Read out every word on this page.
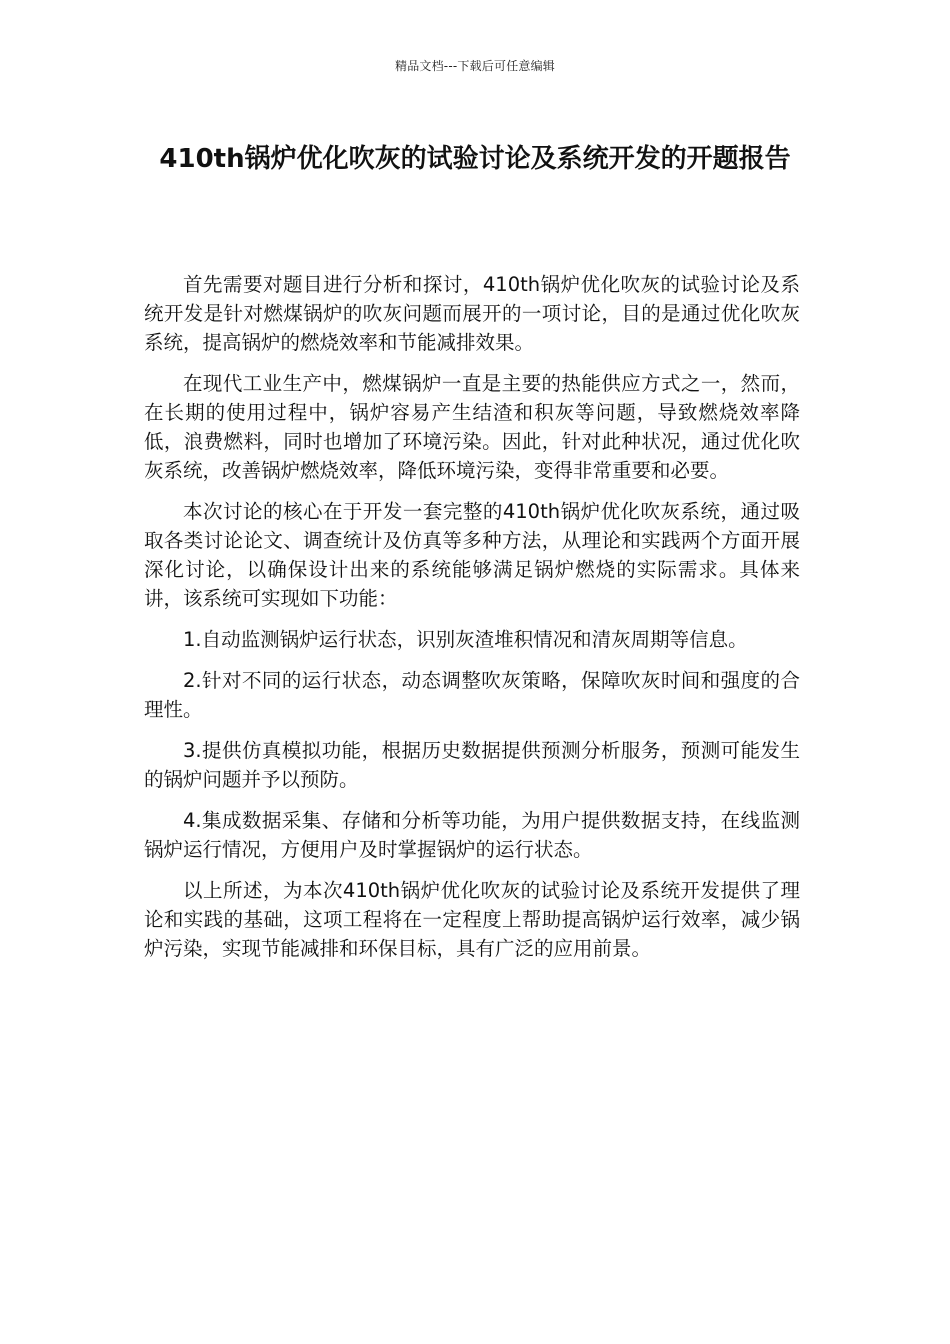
精品文档---下载后可任意编辑
410th锅炉优化吹灰的试验讨论及系统开发的开题报告

首先需要对题目进行分析和探讨，410th锅炉优化吹灰的试验讨论及系统开发是针对燃煤锅炉的吹灰问题而展开的一项讨论，目的是通过优化吹灰系统，提高锅炉的燃烧效率和节能减排效果。

在现代工业生产中，燃煤锅炉一直是主要的热能供应方式之一，然而，在长期的使用过程中，锅炉容易产生结渣和积灰等问题，导致燃烧效率降低，浪费燃料，同时也增加了环境污染。因此，针对此种状况，通过优化吹灰系统，改善锅炉燃烧效率，降低环境污染，变得非常重要和必要。

本次讨论的核心在于开发一套完整的410th锅炉优化吹灰系统，通过吸取各类讨论论文、调查统计及仿真等多种方法，从理论和实践两个方面开展深化讨论，以确保设计出来的系统能够满足锅炉燃烧的实际需求。具体来讲，该系统可实现如下功能：

1.自动监测锅炉运行状态，识别灰渣堆积情况和清灰周期等信息。

2.针对不同的运行状态，动态调整吹灰策略，保障吹灰时间和强度的合理性。

3.提供仿真模拟功能，根据历史数据提供预测分析服务，预测可能发生的锅炉问题并予以预防。

4.集成数据采集、存储和分析等功能，为用户提供数据支持，在线监测锅炉运行情况，方便用户及时掌握锅炉的运行状态。

以上所述，为本次410th锅炉优化吹灰的试验讨论及系统开发提供了理论和实践的基础，这项工程将在一定程度上帮助提高锅炉运行效率，减少锅炉污染，实现节能减排和环保目标，具有广泛的应用前景。
